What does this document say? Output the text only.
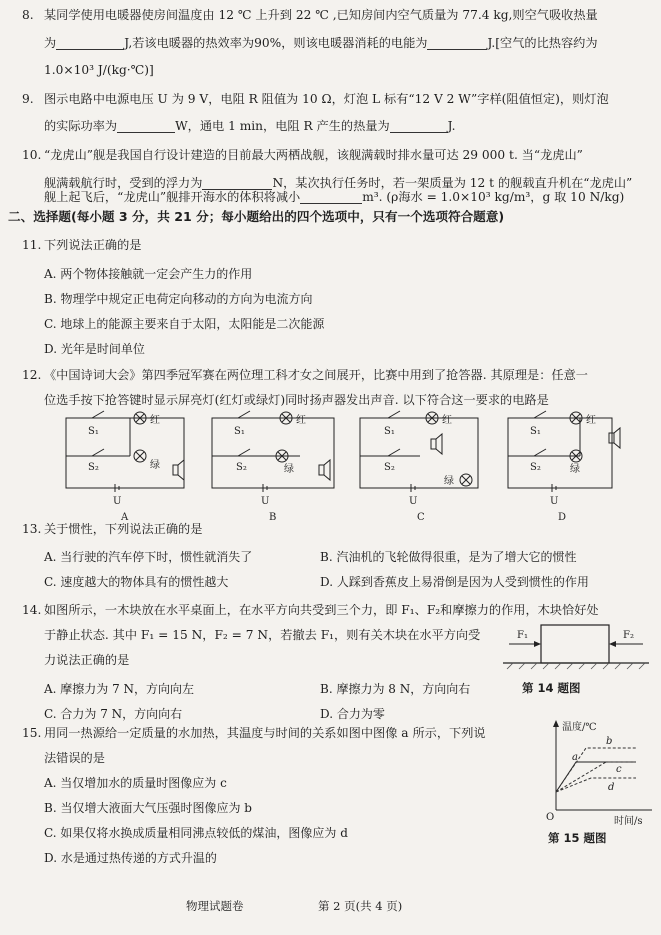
8. 某同学使用电暖器使房间温度由 12 ℃ 上升到 22 ℃ ,已知房间内空气质量为 77.4 kg,则空气吸收热量
为	J,若该电暖器的热效率为90%，则该电暖器消耗的电能为	J.[空气的比热容约为
1.0×10³ J/(kg·℃)]
9. 图示电路中电源电压 U 为 9 V，电阻 R 阻值为 10 Ω，灯泡 L 标有“12 V 2 W”字样(阻值恒定)，则灯泡
的实际功率为	W，通电 1 min，电阻 R 产生的热量为	J.
10. “龙虎山”舰是我国自行设计建造的目前最大两栖战舰，该舰满载时排水量可达 29 000 t. 当“龙虎山”
舰满载航行时，受到的浮力为	N，某次执行任务时，若一架质量为 12 t 的舰载直升机在“龙虎山”
舰上起飞后，“龙虎山”舰排开海水的体积将减小	m³. (ρ海水 = 1.0×10³ kg/m³，g 取 10 N/kg)
二、选择题(每小题 3 分，共 21 分；每小题给出的四个选项中，只有一个选项符合题意)
11. 下列说法正确的是
A. 两个物体接触就一定会产生力的作用
B. 物理学中规定正电荷定向移动的方向为电流方向
C. 地球上的能源主要来自于太阳，太阳能是二次能源
D. 光年是时间单位
12. 《中国诗词大会》第四季冠军赛在两位理工科才女之间展开，比赛中用到了抢答器. 其原理是：任意一
位选手按下抢答键时显示屏亮灯(红灯或绿灯)同时扬声器发出声音. 以下符合这一要求的电路是
S₁
S₂
S₁
S₂
S₁
S₂
S₁
S₂
红
绿
红
绿
红
绿
红
绿
U	U	U	U
A	B	C	D
13. 关于惯性，下列说法正确的是
A. 当行驶的汽车停下时，惯性就消失了	B. 汽油机的飞轮做得很重，是为了增大它的惯性
C. 速度越大的物体具有的惯性越大	D. 人踩到香蕉皮上易滑倒是因为人受到惯性的作用
14. 如图所示，一木块放在水平桌面上，在水平方向共受到三个力，即 F₁、F₂和摩擦力的作用，木块恰好处
于静止状态. 其中 F₁ = 15 N，F₂ = 7 N，若撤去 F₁，则有关木块在水平方向受
力说法正确的是
A. 摩擦力为 7 N，方向向左	B. 摩擦力为 8 N，方向向右
C. 合力为 7 N，方向向右	D. 合力为零
F₁	F₂
第 14 题图
15. 用同一热源给一定质量的水加热，其温度与时间的关系如图中图像 a 所示，下列说
法错误的是
A. 当仅增加水的质量时图像应为 c
B. 当仅增大液面大气压强时图像应为 b
C. 如果仅将水换成质量相同沸点较低的煤油，图像应为 d
D. 水是通过热传递的方式升温的
温度/℃
时间/s
O
a
b
c
d
第 15 题图
物理试题卷	第 2 页(共 4 页)
